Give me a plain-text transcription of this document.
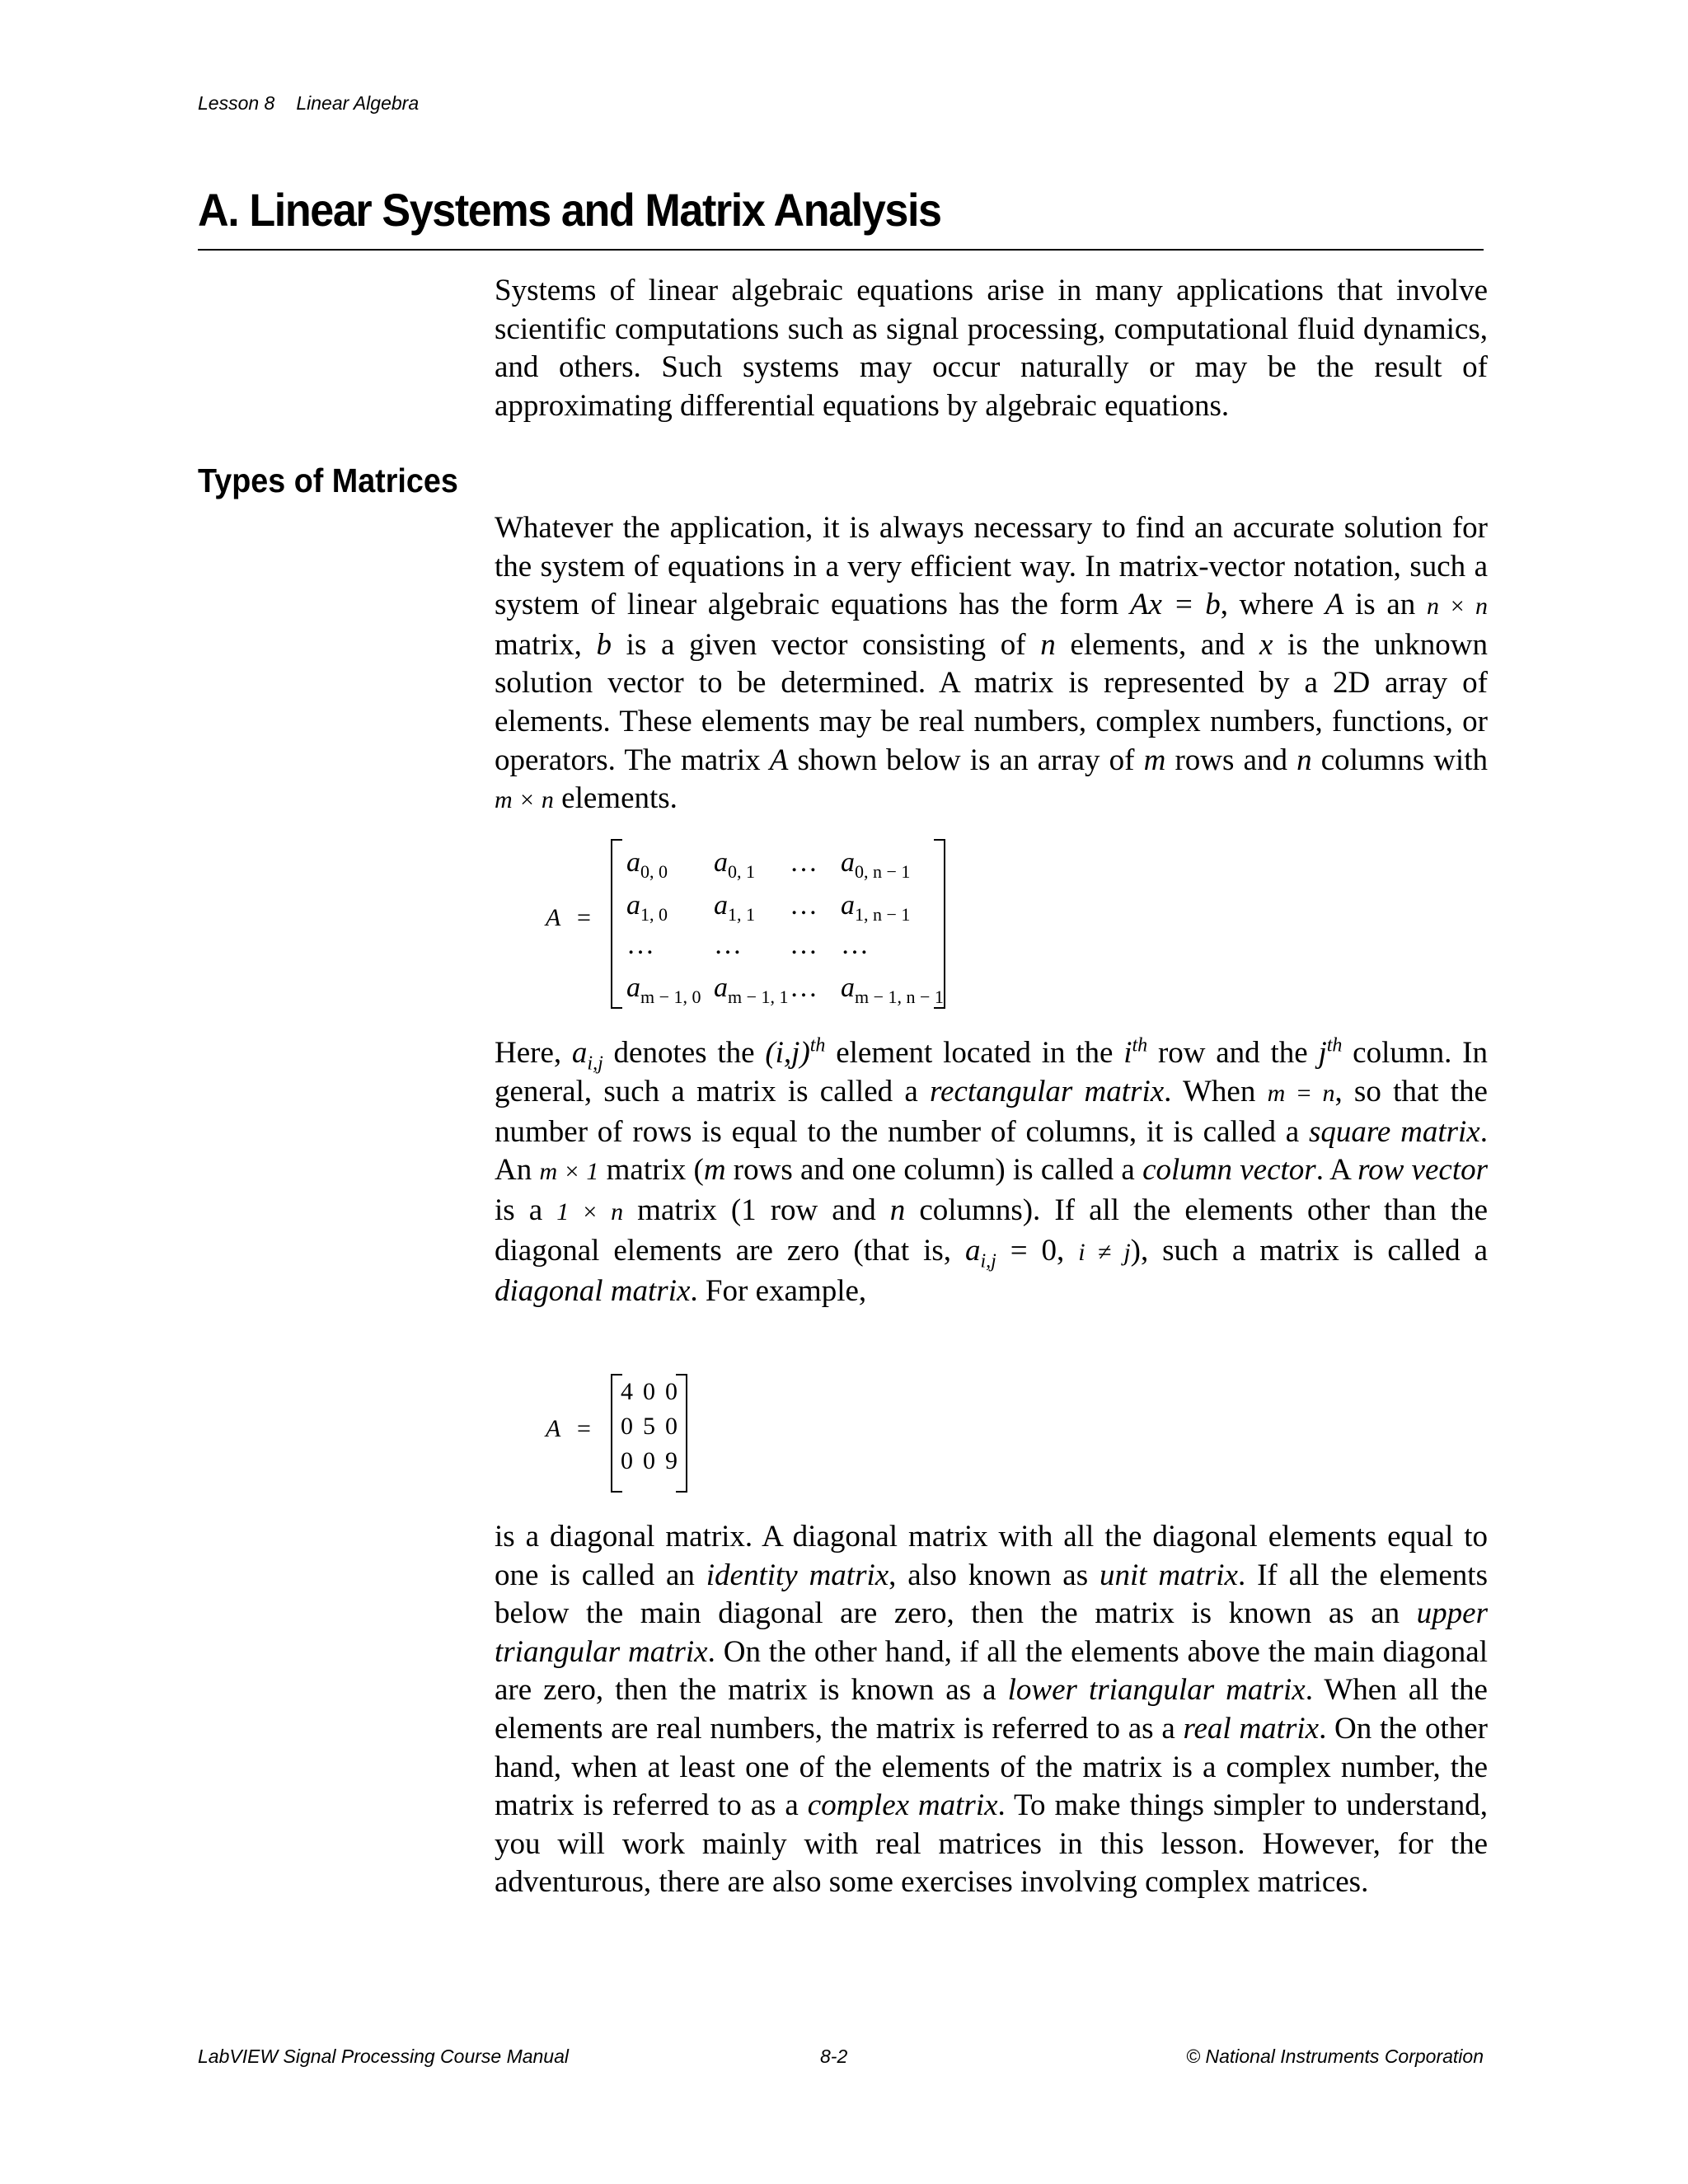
Lesson 8 Linear Algebra
A. Linear Systems and Matrix Analysis

Systems of linear algebraic equations arise in many applications that involve scientific computations such as signal processing, computational fluid dynamics, and others. Such systems may occur naturally or may be the result of approximating differential equations by algebraic equations.

Types of Matrices

Whatever the application, it is always necessary to find an accurate solution for the system of equations in a very efficient way. In matrix-vector notation, such a system of linear algebraic equations has the form Ax = b, where A is an n × n matrix, b is a given vector consisting of n elements, and x is the unknown solution vector to be determined. A matrix is represented by a 2D array of elements. These elements may be real numbers, complex numbers, functions, or operators. The matrix A shown below is an array of m rows and n columns with m × n elements.

A =
$a_{0, 0}$ $a_{0, 1}$ … $a_{0, n - 1}$
$a_{1, 0}$ $a_{1, 1}$ … $a_{1, n - 1}$
… … … …
$a_{m - 1, 0}$ $a_{m - 1, 1}$ … $a_{m - 1, n - 1}$

Here, $a_{i,j}$ denotes the $(i,j)^{th}$ element located in the $i^{th}$ row and the $j^{th}$ column. In general, such a matrix is called a rectangular matrix. When m = n, so that the number of rows is equal to the number of columns, it is called a square matrix. An m × 1 matrix (m rows and one column) is called a column vector. A row vector is a 1 × n matrix (1 row and n columns). If all the elements other than the diagonal elements are zero (that is, $a_{i,j} = 0$, i ≠ j), such a matrix is called a diagonal matrix. For example,

A =
4 0 0
0 5 0
0 0 9

is a diagonal matrix. A diagonal matrix with all the diagonal elements equal to one is called an identity matrix, also known as unit matrix. If all the elements below the main diagonal are zero, then the matrix is known as an upper triangular matrix. On the other hand, if all the elements above the main diagonal are zero, then the matrix is known as a lower triangular matrix. When all the elements are real numbers, the matrix is referred to as a real matrix. On the other hand, when at least one of the elements of the matrix is a complex number, the matrix is referred to as a complex matrix. To make things simpler to understand, you will work mainly with real matrices in this lesson. However, for the adventurous, there are also some exercises involving complex matrices.

LabVIEW Signal Processing Course Manual	8-2	© National Instruments Corporation
